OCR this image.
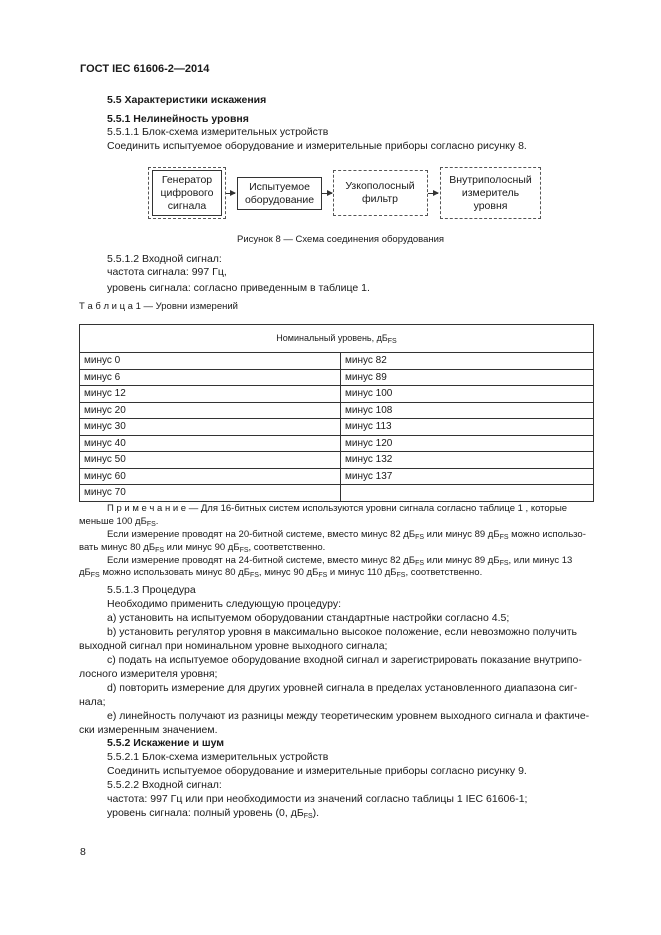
ГОСТ IEC 61606-2—2014
5.5 Характеристики искажения
5.5.1 Нелинейность уровня
5.5.1.1 Блок-схема измерительных устройств
Соединить испытуемое оборудование и измерительные приборы согласно рисунку 8.
Генератор
цифрового
сигнала
Испытуемое
оборудование
Узкополосный
фильтр
Внутриполосный
измеритель
уровня
Рисунок 8 — Схема соединения оборудования
5.5.1.2 Входной сигнал:
частота сигнала: 997 Гц,
уровень сигнала: согласно приведенным в таблице 1.
Т а б л и ц а 1 — Уровни измерений
Номинальный уровень, $дБ_{FS}$
минус 0	минус 82
минус 6	минус 89
минус 12	минус 100
минус 20	минус 108
минус 30	минус 113
минус 40	минус 120
минус 50	минус 132
минус 60	минус 137
минус 70	
П р и м е ч а н и е — Для 16-битных систем используются уровни сигнала согласно таблице 1 , которые
меньше 100 $дБ_{FS}$.
Если измерение проводят на 20-битной системе, вместо минус 82 $дБ_{FS}$ или минус 89 $дБ_{FS}$ можно использо-
вать минус 80 $дБ_{FS}$ или минус 90 $дБ_{FS}$, соответственно.
Если измерение проводят на 24-битной системе, вместо минус 82 $дБ_{FS}$ или минус 89 $дБ_{FS}$, или минус 13
$дБ_{FS}$ можно использовать минус 80 $дБ_{FS}$, минус 90 $дБ_{FS}$ и минус 110 $дБ_{FS}$, соответственно.
5.5.1.3 Процедура
Необходимо применить следующую процедуру:
а) установить на испытуемом оборудовании стандартные настройки согласно 4.5;
b) установить регулятор уровня в максимально высокое положение, если невозможно получить
выходной сигнал при номинальном уровне выходного сигнала;
с) подать на испытуемое оборудование входной сигнал и зарегистрировать показание внутрипо-
лосного измерителя уровня;
d) повторить измерение для других уровней сигнала в пределах установленного диапазона сиг-
нала;
е) линейность получают из разницы между теоретическим уровнем выходного сигнала и фактиче-
ски измеренным значением.
5.5.2 Искажение и шум
5.5.2.1 Блок-схема измерительных устройств
Соединить испытуемое оборудование и измерительные приборы согласно рисунку 9.
5.5.2.2 Входной сигнал:
частота: 997 Гц или при необходимости из значений согласно таблицы 1 IEC 61606-1;
уровень сигнала: полный уровень (0, $дБ_{FS}$).
8
